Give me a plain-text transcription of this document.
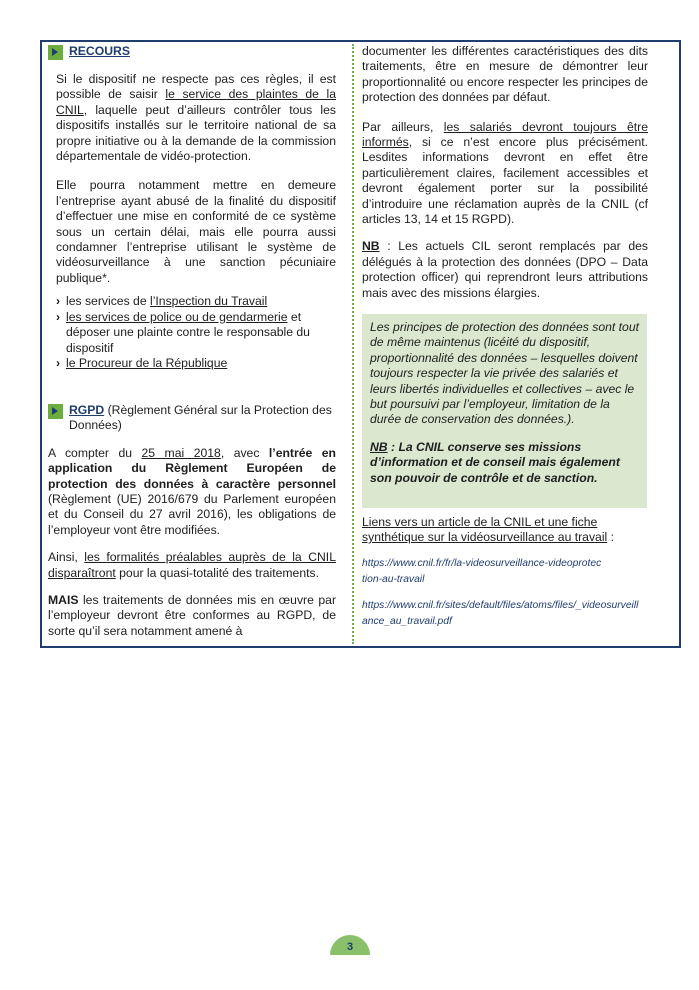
RECOURS

Si le dispositif ne respecte pas ces règles, il est possible de saisir le service des plaintes de la CNIL, laquelle peut d’ailleurs contrôler tous les dispositifs installés sur le territoire national de sa propre initiative ou à la demande de la commission départementale de vidéo-protection.

Elle pourra notamment mettre en demeure l’entreprise ayant abusé de la finalité du dispositif d’effectuer une mise en conformité de ce système sous un certain délai, mais elle pourra aussi condamner l’entreprise utilisant le système de vidéosurveillance à une sanction pécuniaire publique*.

› les services de l’Inspection du Travail
› les services de police ou de gendarmerie et déposer une plainte contre le responsable du dispositif
› le Procureur de la République
RGPD (Règlement Général sur la Protection des Données)

A compter du 25 mai 2018, avec l’entrée en application du Règlement Européen de protection des données à caractère personnel (Règlement (UE) 2016/679 du Parlement européen et du Conseil du 27 avril 2016), les obligations de l’employeur vont être modifiées.

Ainsi, les formalités préalables auprès de la CNIL disparaîtront pour la quasi-totalité des traitements.

MAIS les traitements de données mis en œuvre par l’employeur devront être conformes au RGPD, de sorte qu’il sera notamment amené à

documenter les différentes caractéristiques des dits traitements, être en mesure de démontrer leur proportionnalité ou encore respecter les principes de protection des données par défaut.

Par ailleurs, les salariés devront toujours être informés, si ce n’est encore plus précisément. Lesdites informations devront en effet être particulièrement claires, facilement accessibles et devront également porter sur la possibilité d’introduire une réclamation auprès de la CNIL (cf articles 13, 14 et 15 RGPD).

NB : Les actuels CIL seront remplacés par des délégués à la protection des données (DPO – Data protection officer) qui reprendront leurs attributions mais avec des missions élargies.

Les principes de protection des données sont tout de même maintenus (licéité du dispositif, proportionnalité des données – lesquelles doivent toujours respecter la vie privée des salariés et leurs libertés individuelles et collectives – avec le but poursuivi par l’employeur, limitation de la durée de conservation des données.).

NB : La CNIL conserve ses missions d’information et de conseil mais également son pouvoir de contrôle et de sanction.

Liens vers un article de la CNIL et une fiche synthétique sur la vidéosurveillance au travail :

https://www.cnil.fr/fr/la-videosurveillance-videoprotection-au-travail

https://www.cnil.fr/sites/default/files/atoms/files/_videosurveillance_au_travail.pdf

3
